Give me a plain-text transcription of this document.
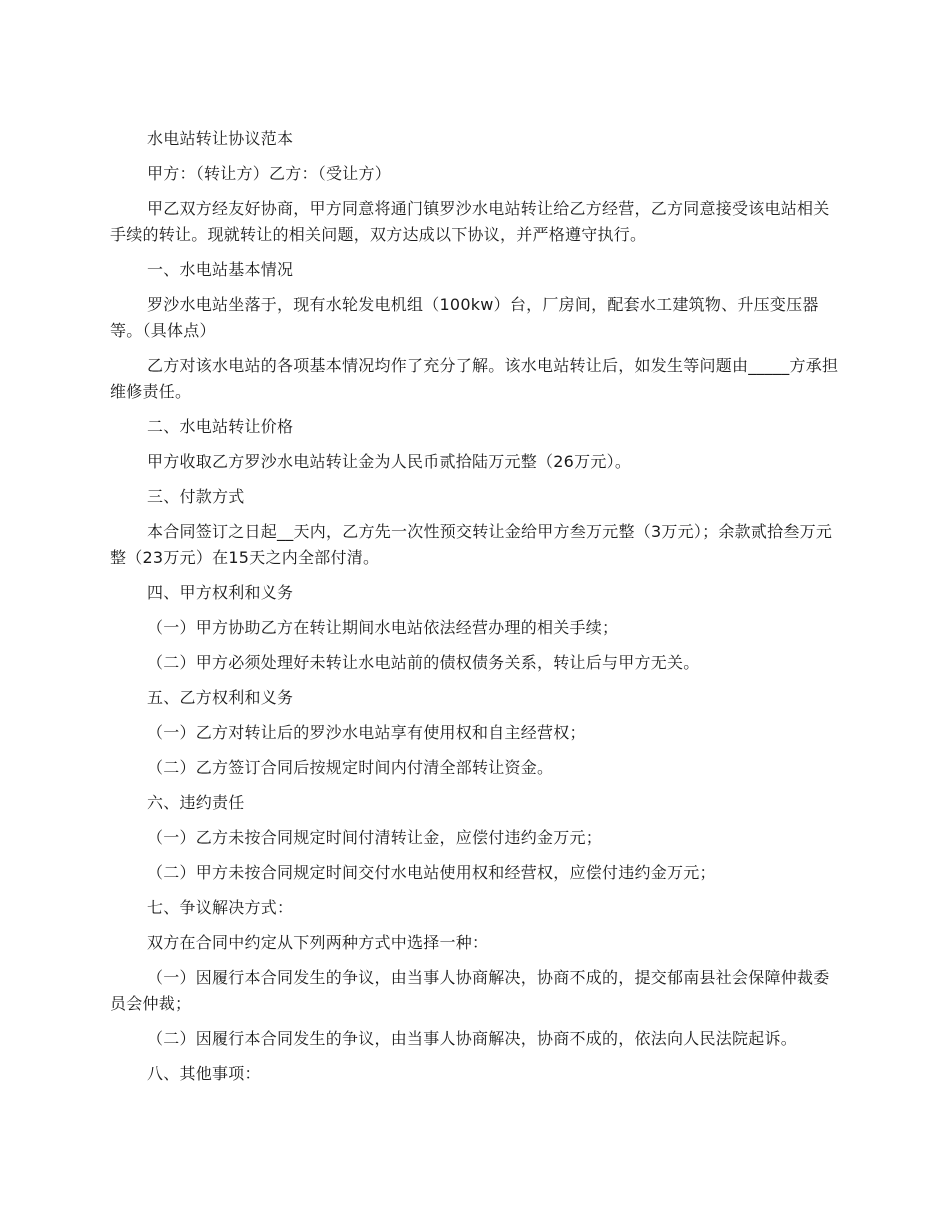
水电站转让协议范本

甲方：（转让方）乙方：（受让方）

甲乙双方经友好协商，甲方同意将通门镇罗沙水电站转让给乙方经营，乙方同意接受该电站相关手续的转让。现就转让的相关问题，双方达成以下协议，并严格遵守执行。

一、水电站基本情况

罗沙水电站坐落于，现有水轮发电机组（100kw）台，厂房间，配套水工建筑物、升压变压器等。（具体点）

乙方对该水电站的各项基本情况均作了充分了解。该水电站转让后，如发生等问题由_____方承担维修责任。

二、水电站转让价格

甲方收取乙方罗沙水电站转让金为人民币贰拾陆万元整（26万元）。

三、付款方式

本合同签订之日起__天内，乙方先一次性预交转让金给甲方叁万元整（3万元）；余款贰拾叁万元整（23万元）在15天之内全部付清。

四、甲方权利和义务

（一）甲方协助乙方在转让期间水电站依法经营办理的相关手续；

（二）甲方必须处理好未转让水电站前的债权债务关系，转让后与甲方无关。

五、乙方权利和义务

（一）乙方对转让后的罗沙水电站享有使用权和自主经营权；

（二）乙方签订合同后按规定时间内付清全部转让资金。

六、违约责任

（一）乙方未按合同规定时间付清转让金，应偿付违约金万元；

（二）甲方未按合同规定时间交付水电站使用权和经营权，应偿付违约金万元；

七、争议解决方式：

双方在合同中约定从下列两种方式中选择一种：

（一）因履行本合同发生的争议，由当事人协商解决，协商不成的，提交郁南县社会保障仲裁委员会仲裁；

（二）因履行本合同发生的争议，由当事人协商解决，协商不成的，依法向人民法院起诉。

八、其他事项：
